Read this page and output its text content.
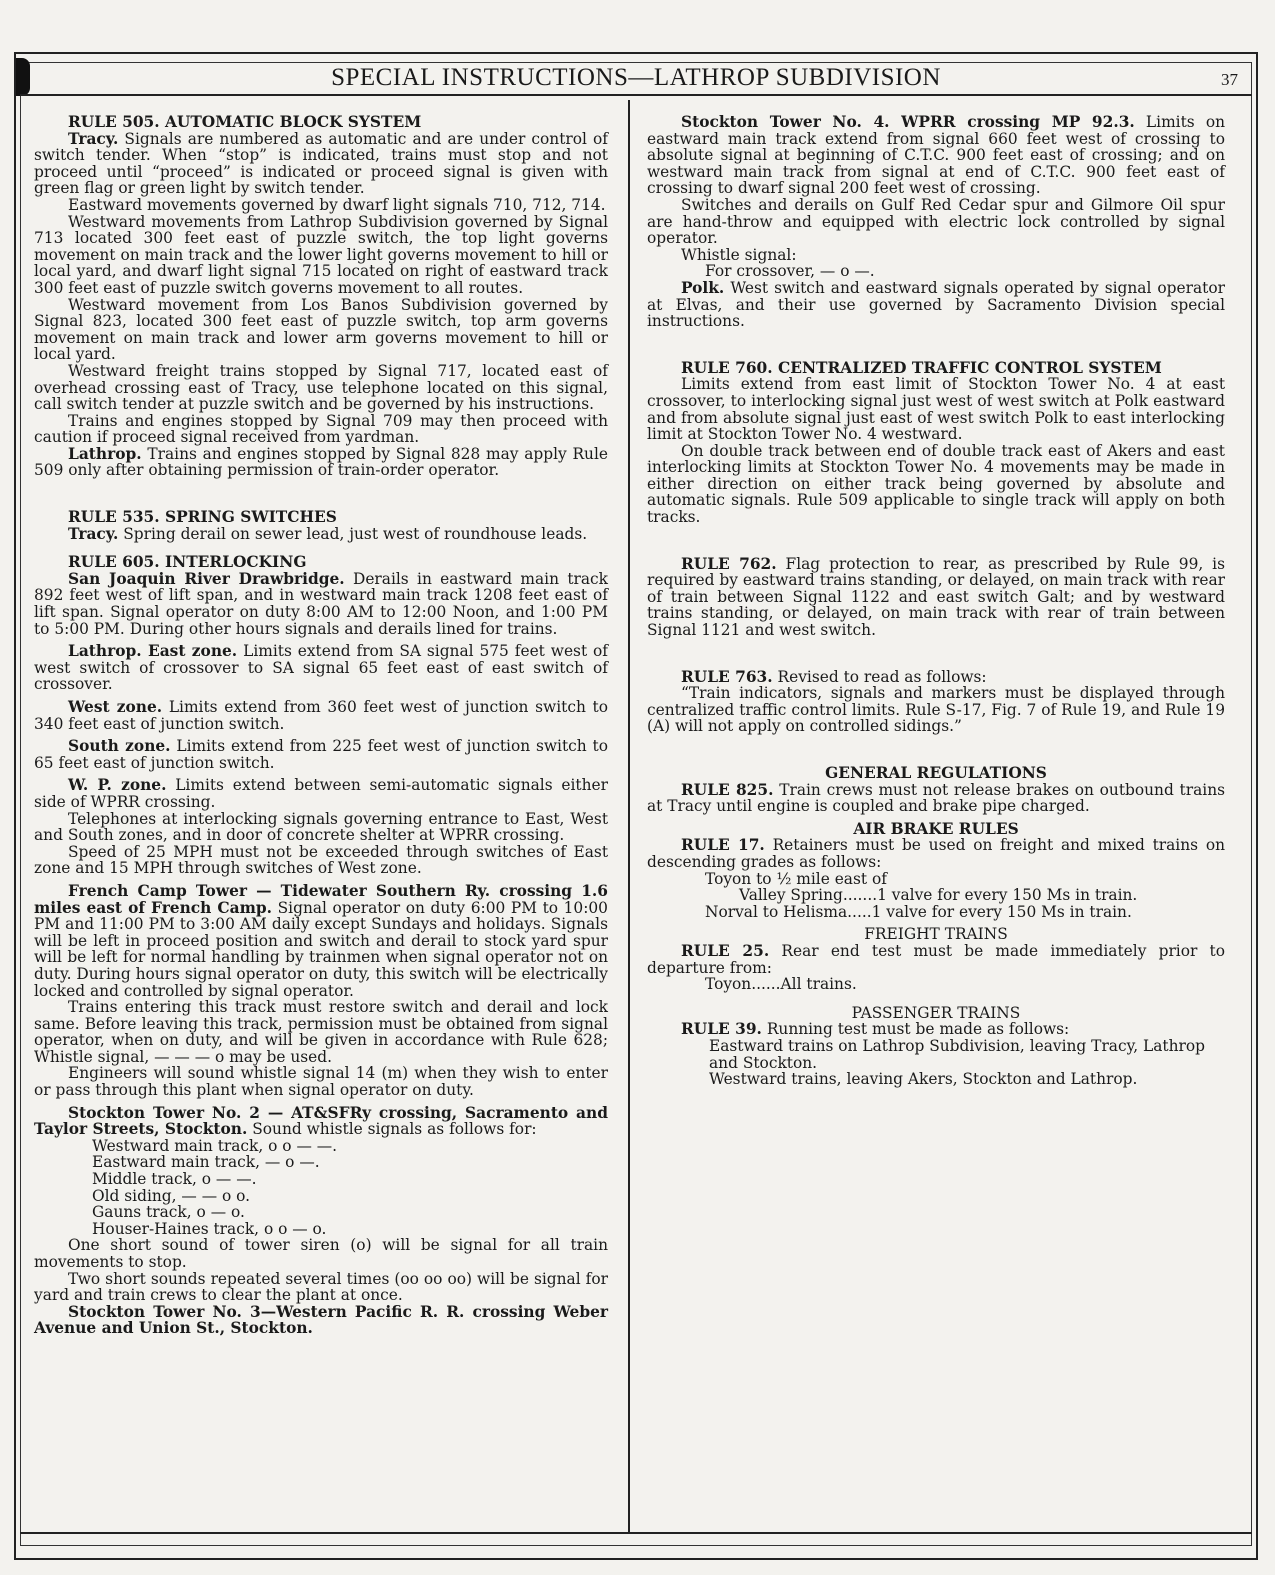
SPECIAL INSTRUCTIONS—LATHROP SUBDIVISION	37

RULE 505. AUTOMATIC BLOCK SYSTEM

Tracy. Signals are numbered as automatic and are under control of switch tender. When “stop” is indicated, trains must stop and not proceed until “proceed” is indicated or proceed signal is given with green flag or green light by switch tender.

Eastward movements governed by dwarf light signals 710, 712, 714.

Westward movements from Lathrop Subdivision governed by Signal 713 located 300 feet east of puzzle switch, the top light governs movement on main track and the lower light governs movement to hill or local yard, and dwarf light signal 715 located on right of eastward track 300 feet east of puzzle switch governs movement to all routes.

Westward movement from Los Banos Subdivision governed by Signal 823, located 300 feet east of puzzle switch, top arm governs movement on main track and lower arm governs movement to hill or local yard.

Westward freight trains stopped by Signal 717, located east of overhead crossing east of Tracy, use telephone located on this signal, call switch tender at puzzle switch and be governed by his instructions.

Trains and engines stopped by Signal 709 may then proceed with caution if proceed signal received from yardman.

Lathrop. Trains and engines stopped by Signal 828 may apply Rule 509 only after obtaining permission of train-order operator.

RULE 535. SPRING SWITCHES

Tracy. Spring derail on sewer lead, just west of roundhouse leads.

RULE 605. INTERLOCKING

San Joaquin River Drawbridge. Derails in eastward main track 892 feet west of lift span, and in westward main track 1208 feet east of lift span. Signal operator on duty 8:00 AM to 12:00 Noon, and 1:00 PM to 5:00 PM. During other hours signals and derails lined for trains.

Lathrop. East zone. Limits extend from SA signal 575 feet west of west switch of crossover to SA signal 65 feet east of east switch of crossover.

West zone. Limits extend from 360 feet west of junction switch to 340 feet east of junction switch.

South zone. Limits extend from 225 feet west of junction switch to 65 feet east of junction switch.

W. P. zone. Limits extend between semi-automatic signals either side of WPRR crossing.

Telephones at interlocking signals governing entrance to East, West and South zones, and in door of concrete shelter at WPRR crossing.

Speed of 25 MPH must not be exceeded through switches of East zone and 15 MPH through switches of West zone.

French Camp Tower — Tidewater Southern Ry. crossing 1.6 miles east of French Camp. Signal operator on duty 6:00 PM to 10:00 PM and 11:00 PM to 3:00 AM daily except Sundays and holidays. Signals will be left in proceed position and switch and derail to stock yard spur will be left for normal handling by trainmen when signal operator not on duty. During hours signal operator on duty, this switch will be electrically locked and controlled by signal operator.

Trains entering this track must restore switch and derail and lock same. Before leaving this track, permission must be obtained from signal operator, when on duty, and will be given in accordance with Rule 628; Whistle signal, — — — o may be used.

Engineers will sound whistle signal 14 (m) when they wish to enter or pass through this plant when signal operator on duty.

Stockton Tower No. 2 — AT&SFRy crossing, Sacramento and Taylor Streets, Stockton. Sound whistle signals as follows for:

Westward main track, o o — —.

Eastward main track, — o —.

Middle track, o — —.

Old siding, — — o o.

Gauns track, o — o.

Houser-Haines track, o o — o.

One short sound of tower siren (o) will be signal for all train movements to stop.

Two short sounds repeated several times (oo oo oo) will be signal for yard and train crews to clear the plant at once.

Stockton Tower No. 3—Western Pacific R. R. crossing Weber Avenue and Union St., Stockton.

Stockton Tower No. 4. WPRR crossing MP 92.3. Limits on eastward main track extend from signal 660 feet west of crossing to absolute signal at beginning of C.T.C. 900 feet east of crossing; and on westward main track from signal at end of C.T.C. 900 feet east of crossing to dwarf signal 200 feet west of crossing.

Switches and derails on Gulf Red Cedar spur and Gilmore Oil spur are hand-throw and equipped with electric lock controlled by signal operator.

Whistle signal:

For crossover, — o —.

Polk. West switch and eastward signals operated by signal operator at Elvas, and their use governed by Sacramento Division special instructions.

RULE 760. CENTRALIZED TRAFFIC CONTROL SYSTEM

Limits extend from east limit of Stockton Tower No. 4 at east crossover, to interlocking signal just west of west switch at Polk eastward and from absolute signal just east of west switch Polk to east interlocking limit at Stockton Tower No. 4 westward.

On double track between end of double track east of Akers and east interlocking limits at Stockton Tower No. 4 movements may be made in either direction on either track being governed by absolute and automatic signals. Rule 509 applicable to single track will apply on both tracks.

RULE 762. Flag protection to rear, as prescribed by Rule 99, is required by eastward trains standing, or delayed, on main track with rear of train between Signal 1122 and east switch Galt; and by westward trains standing, or delayed, on main track with rear of train between Signal 1121 and west switch.

RULE 763. Revised to read as follows:

“Train indicators, signals and markers must be displayed through centralized traffic control limits. Rule S-17, Fig. 7 of Rule 19, and Rule 19 (A) will not apply on controlled sidings.”

GENERAL REGULATIONS

RULE 825. Train crews must not release brakes on outbound trains at Tracy until engine is coupled and brake pipe charged.

AIR BRAKE RULES

RULE 17. Retainers must be used on freight and mixed trains on descending grades as follows:

Toyon to ½ mile east of

Valley Spring.......1 valve for every 150 Ms in train.

Norval to Helisma.....1 valve for every 150 Ms in train.

FREIGHT TRAINS

RULE 25. Rear end test must be made immediately prior to departure from:

Toyon......All trains.

PASSENGER TRAINS

RULE 39. Running test must be made as follows:

Eastward trains on Lathrop Subdivision, leaving Tracy, Lathrop and Stockton.

Westward trains, leaving Akers, Stockton and Lathrop.
